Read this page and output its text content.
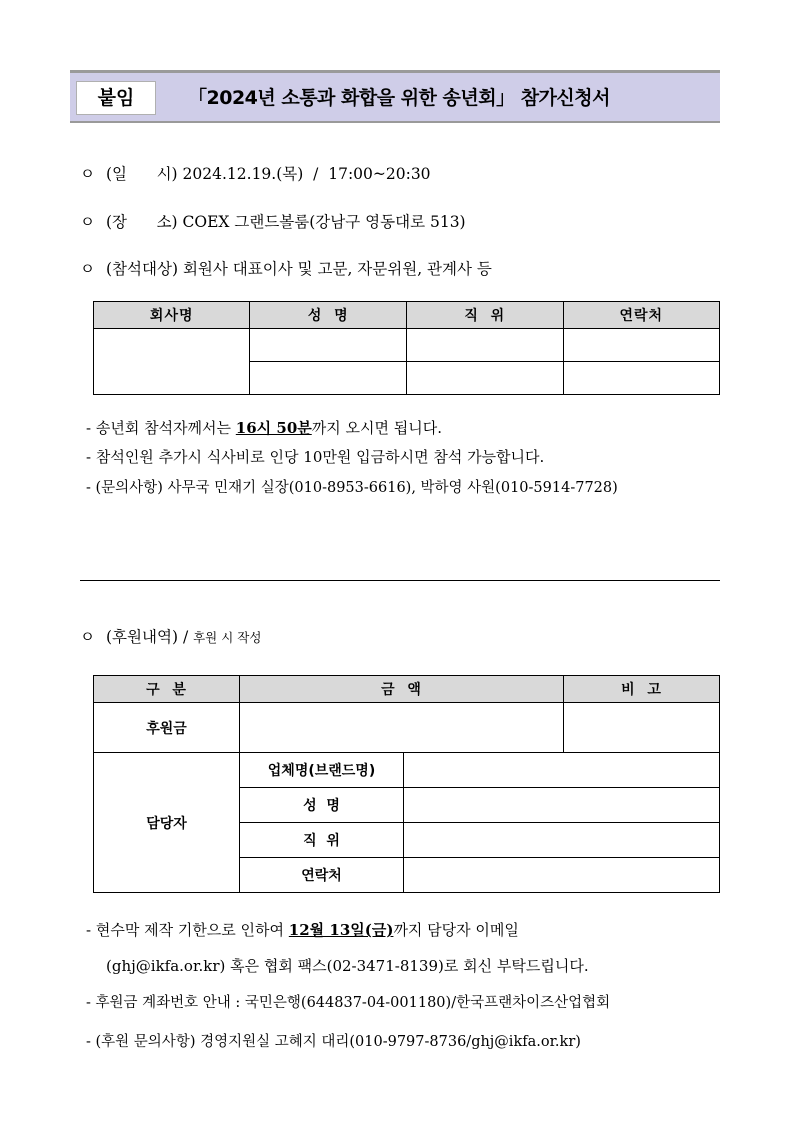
붙임	「2024년 소통과 화합을 위한 송년회」 참가신청서
ㅇ (일      시) 2024.12.19.(목)  /  17:00~20:30
ㅇ (장      소) COEX 그랜드볼룸(강남구 영동대로 513)
ㅇ (참석대상) 회원사 대표이사 및 고문, 자문위원, 관계사 등
회사명	성  명	직  위	연락처

- 송년회 참석자께서는 16시 50분까지 오시면 됩니다.
- 참석인원 추가시 식사비로 인당 10만원 입금하시면 참석 가능합니다.
- (문의사항) 사무국 민재기 실장(010-8953-6616), 박하영 사원(010-5914-7728)
ㅇ (후원내역) / 후원 시 작성
구  분	금  액		비  고
후원금			
담당자	업체명(브랜드명)		
	성  명		
	직  위		
	연락처		
- 현수막 제작 기한으로 인하여 12월 13일(금)까지 담당자 이메일
(ghj@ikfa.or.kr) 혹은 협회 팩스(02-3471-8139)로 회신 부탁드립니다.
- 후원금 계좌번호 안내 : 국민은행(644837-04-001180)/한국프랜차이즈산업협회
- (후원 문의사항) 경영지원실 고혜지 대리(010-9797-8736/ghj@ikfa.or.kr)
